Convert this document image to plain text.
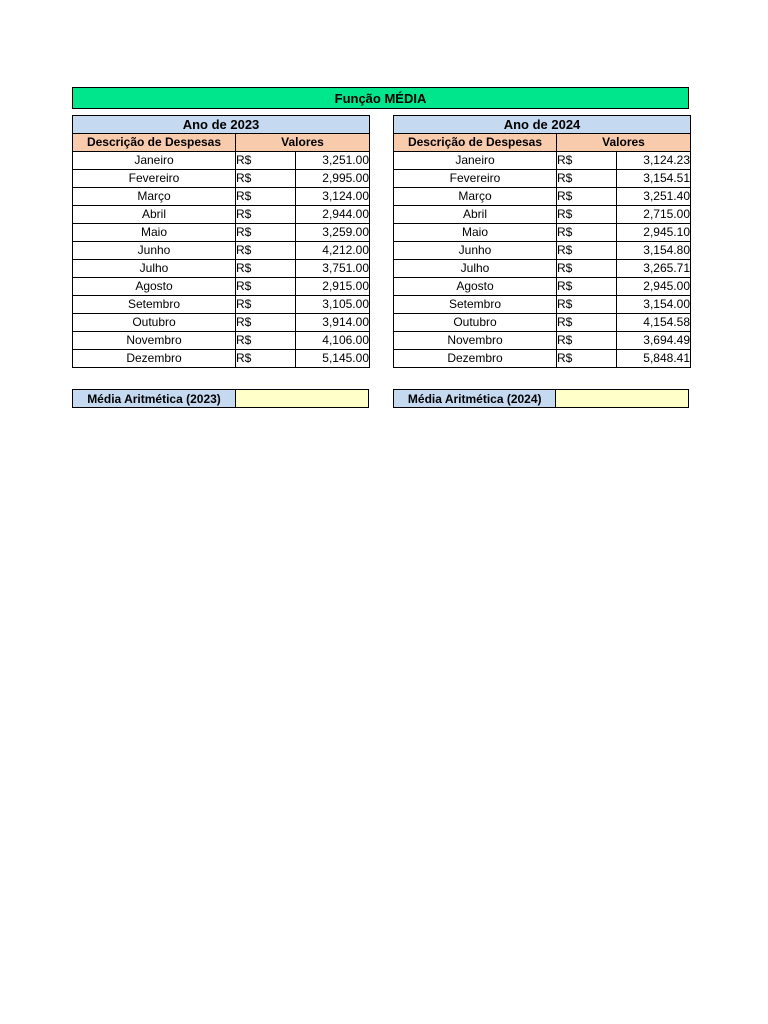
Função MÉDIA
Ano de 2023		
Descrição de Despesas	Valores	
Janeiro	R$	3,251.00
Fevereiro	R$	2,995.00
Março	R$	3,124.00
Abril	R$	2,944.00
Maio	R$	3,259.00
Junho	R$	4,212.00
Julho	R$	3,751.00
Agosto	R$	2,915.00
Setembro	R$	3,105.00
Outubro	R$	3,914.00
Novembro	R$	4,106.00
Dezembro	R$	5,145.00
Ano de 2024		
Descrição de Despesas	Valores	
Janeiro	R$	3,124.23
Fevereiro	R$	3,154.51
Março	R$	3,251.40
Abril	R$	2,715.00
Maio	R$	2,945.10
Junho	R$	3,154.80
Julho	R$	3,265.71
Agosto	R$	2,945.00
Setembro	R$	3,154.00
Outubro	R$	4,154.58
Novembro	R$	3,694.49
Dezembro	R$	5,848.41
Média Aritmética (2023)	Média Aritmética (2024)
